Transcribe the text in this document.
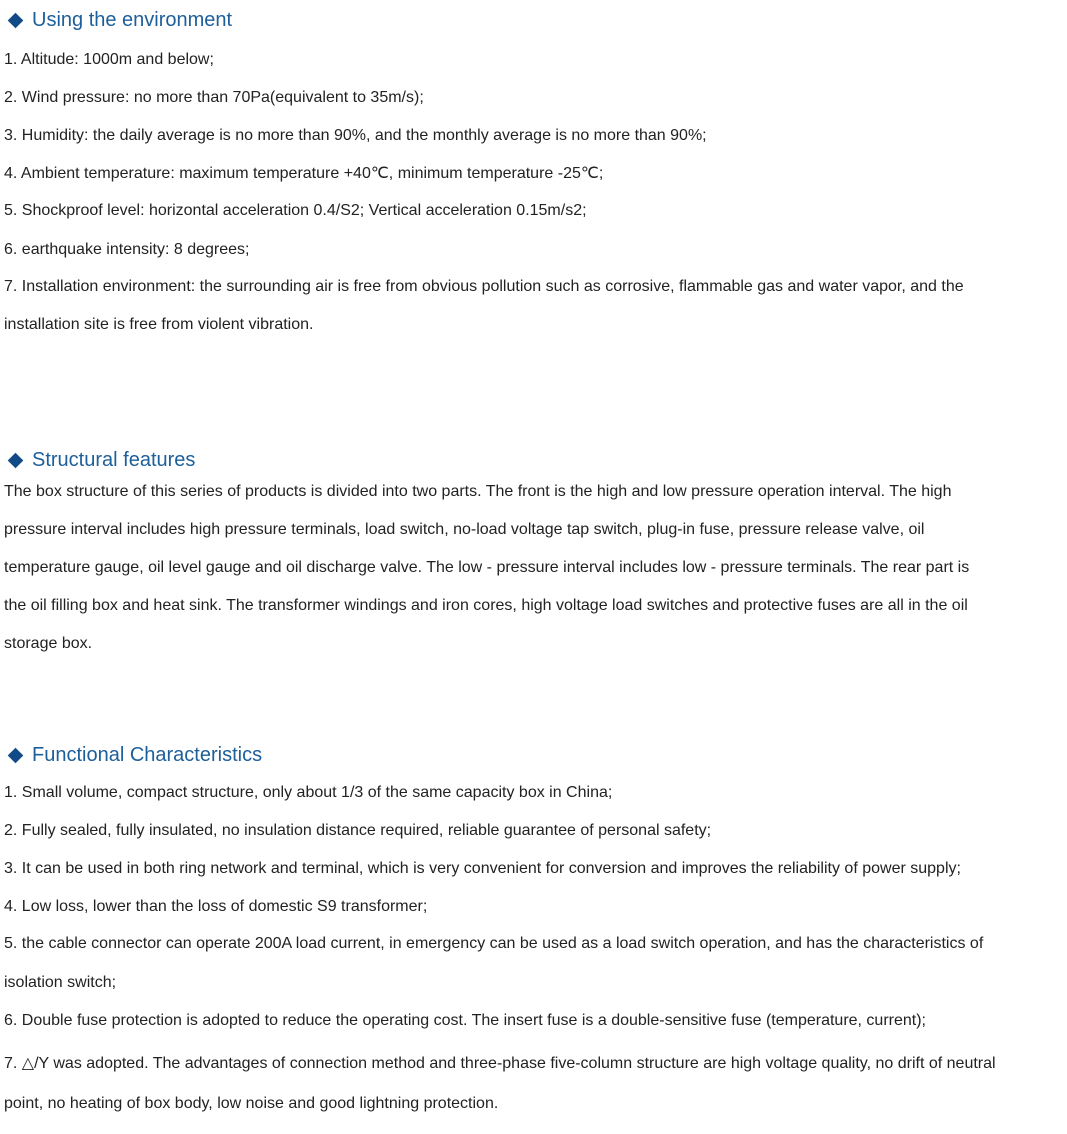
Using the environment
1. Altitude: 1000m and below;
2. Wind pressure: no more than 70Pa(equivalent to 35m/s);
3. Humidity: the daily average is no more than 90%, and the monthly average is no more than 90%;
4. Ambient temperature: maximum temperature +40℃, minimum temperature -25℃;
5. Shockproof level: horizontal acceleration 0.4/S2; Vertical acceleration 0.15m/s2;
6. earthquake intensity: 8 degrees;
7. Installation environment: the surrounding air is free from obvious pollution such as corrosive, flammable gas and water vapor, and the
installation site is free from violent vibration.
Structural features
The box structure of this series of products is divided into two parts. The front is the high and low pressure operation interval. The high
pressure interval includes high pressure terminals, load switch, no-load voltage tap switch, plug-in fuse, pressure release valve, oil
temperature gauge, oil level gauge and oil discharge valve. The low - pressure interval includes low - pressure terminals. The rear part is
the oil filling box and heat sink. The transformer windings and iron cores, high voltage load switches and protective fuses are all in the oil
storage box.
Functional Characteristics
1. Small volume, compact structure, only about 1/3 of the same capacity box in China;
2. Fully sealed, fully insulated, no insulation distance required, reliable guarantee of personal safety;
3. It can be used in both ring network and terminal, which is very convenient for conversion and improves the reliability of power supply;
4. Low loss, lower than the loss of domestic S9 transformer;
5. the cable connector can operate 200A load current, in emergency can be used as a load switch operation, and has the characteristics of
isolation switch;
6. Double fuse protection is adopted to reduce the operating cost. The insert fuse is a double-sensitive fuse (temperature, current);
7. △/Y was adopted. The advantages of connection method and three-phase five-column structure are high voltage quality, no drift of neutral
point, no heating of box body, low noise and good lightning protection.
